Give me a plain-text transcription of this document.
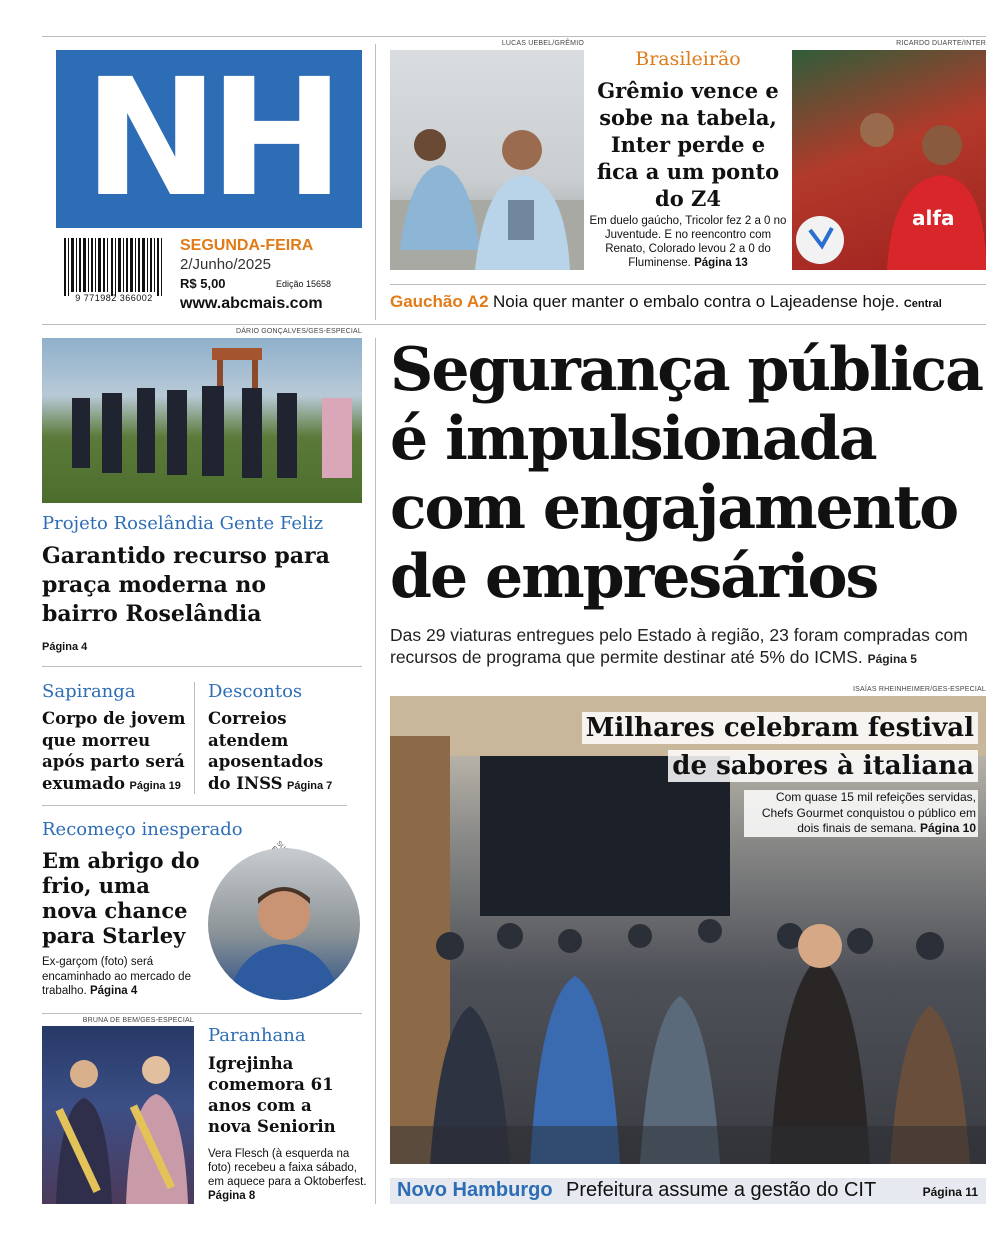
NH
9 771982 366002
SEGUNDA-FEIRA
2/Junho/2025
R$ 5,00	Edição 15658
www.abcmais.com
LUCAS UEBEL/GRÊMIO
Brasileirão
Grêmio vence e sobe na tabela, Inter perde e fica a um ponto do Z4
Em duelo gaúcho, Tricolor fez 2 a 0 no Juventude. E no reencontro com Renato, Colorado levou 2 a 0 do Fluminense. Página 13
RICARDO DUARTE/INTER
alfa
Gauchão A2 Noia quer manter o embalo contra o Lajeadense hoje. Central
DÁRIO GONÇALVES/GES-ESPECIAL
Projeto Roselândia Gente Feliz
Garantido recurso para praça moderna no bairro Roselândia
Página 4
Sapiranga
Corpo de jovem que morreu após parto será exumado Página 19
Descontos
Correios atendem aposentados do INSS Página 7
Recomeço inesperado
Em abrigo do frio, uma nova chance para Starley
Ex-garçom (foto) será encaminhado ao mercado de trabalho. Página 4
BRUNA DE BEM/GES-ESPECIAL
Paranhana
Igrejinha comemora 61 anos com a nova Seniorin
Vera Flesch (à esquerda na foto) recebeu a faixa sábado, em aquece para a Oktoberfest. Página 8
Segurança pública é impulsionada com engajamento de empresários
Das 29 viaturas entregues pelo Estado à região, 23 foram compradas com recursos de programa que permite destinar até 5% do ICMS. Página 5
ISAÍAS RHEINHEIMER/GES-ESPECIAL
Milhares celebram festival
de sabores à italiana
Com quase 15 mil refeições servidas, Chefs Gourmet conquistou o público em dois finais de semana. Página 10
Novo Hamburgo Prefeitura assume a gestão do CIT	Página 11
